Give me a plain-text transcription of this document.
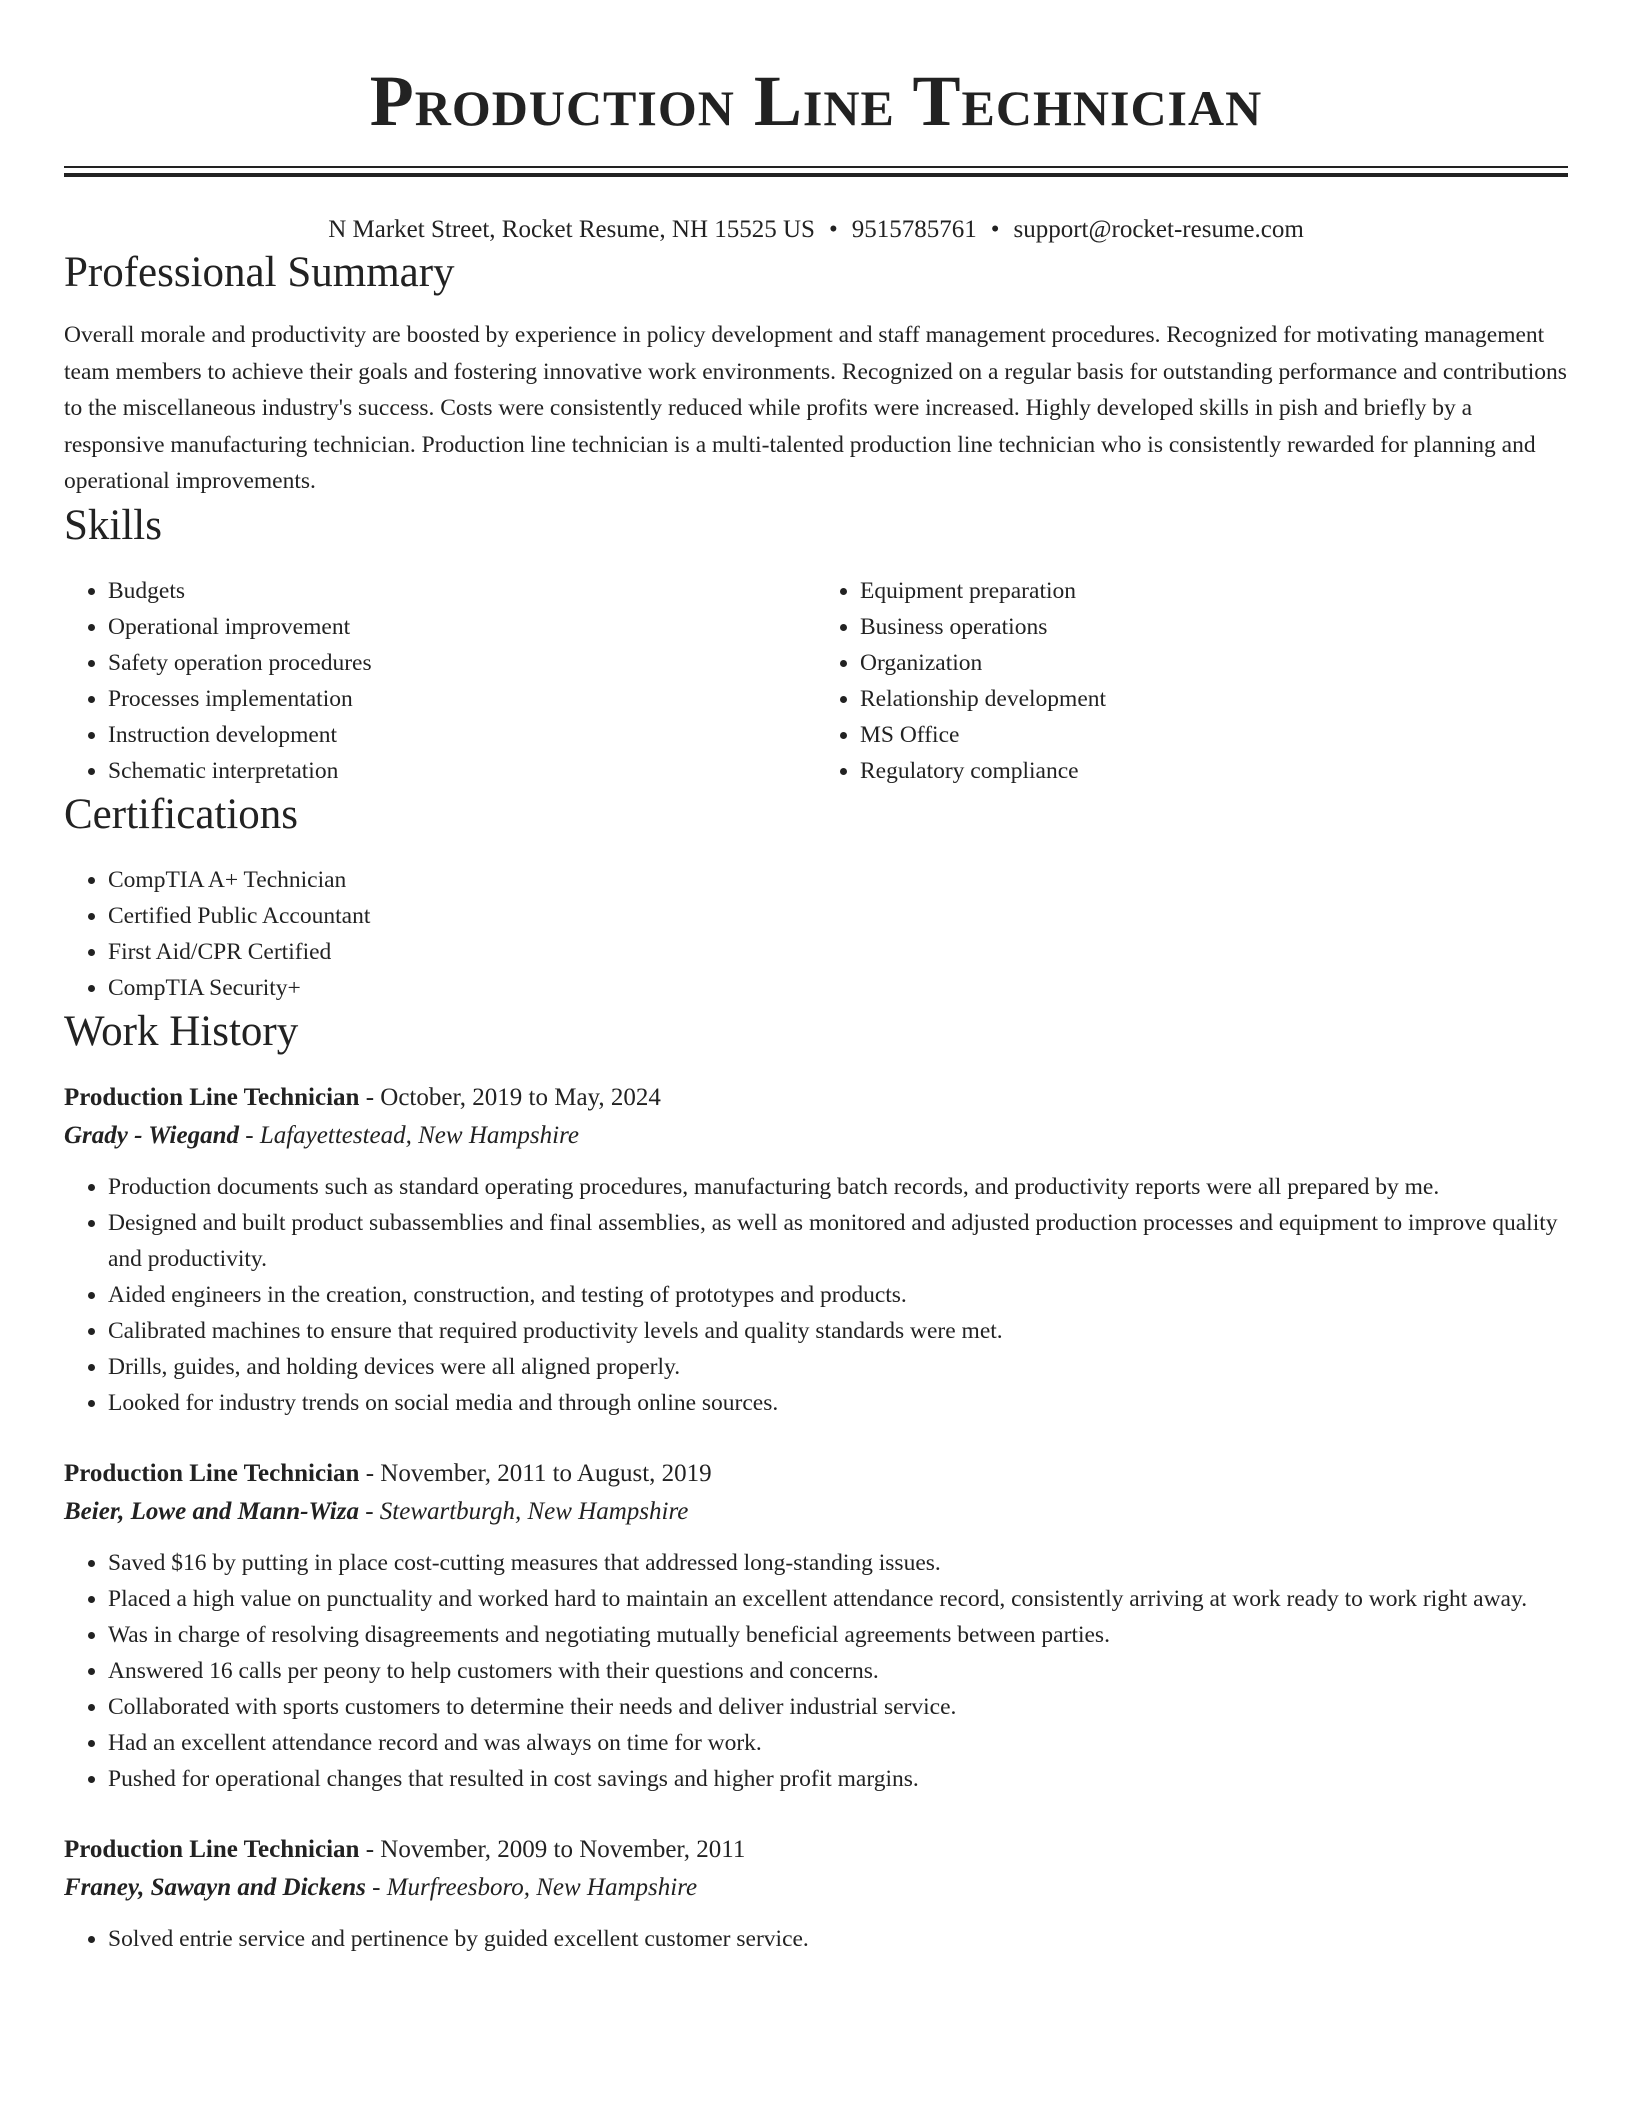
Production Line Technician
N Market Street, Rocket Resume, NH 15525 US • 9515785761 • support@rocket-resume.com
Professional Summary

Overall morale and productivity are boosted by experience in policy development and staff management procedures. Recognized for motivating management team members to achieve their goals and fostering innovative work environments. Recognized on a regular basis for outstanding performance and contributions to the miscellaneous industry's success. Costs were consistently reduced while profits were increased. Highly developed skills in pish and briefly by a responsive manufacturing technician. Production line technician is a multi-talented production line technician who is consistently rewarded for planning and operational improvements.

Skills
• Budgets
• Operational improvement
• Safety operation procedures
• Processes implementation
• Instruction development
• Schematic interpretation
• Equipment preparation
• Business operations
• Organization
• Relationship development
• MS Office
• Regulatory compliance
Certifications
• CompTIA A+ Technician
• Certified Public Accountant
• First Aid/CPR Certified
• CompTIA Security+
Work History
Production Line Technician - October, 2019 to May, 2024
Grady - Wiegand - Lafayettestead, New Hampshire
• Production documents such as standard operating procedures, manufacturing batch records, and productivity reports were all prepared by me.
• Designed and built product subassemblies and final assemblies, as well as monitored and adjusted production processes and equipment to improve quality and productivity.
• Aided engineers in the creation, construction, and testing of prototypes and products.
• Calibrated machines to ensure that required productivity levels and quality standards were met.
• Drills, guides, and holding devices were all aligned properly.
• Looked for industry trends on social media and through online sources.
Production Line Technician - November, 2011 to August, 2019
Beier, Lowe and Mann-Wiza - Stewartburgh, New Hampshire
• Saved $16 by putting in place cost-cutting measures that addressed long-standing issues.
• Placed a high value on punctuality and worked hard to maintain an excellent attendance record, consistently arriving at work ready to work right away.
• Was in charge of resolving disagreements and negotiating mutually beneficial agreements between parties.
• Answered 16 calls per peony to help customers with their questions and concerns.
• Collaborated with sports customers to determine their needs and deliver industrial service.
• Had an excellent attendance record and was always on time for work.
• Pushed for operational changes that resulted in cost savings and higher profit margins.
Production Line Technician - November, 2009 to November, 2011
Franey, Sawayn and Dickens - Murfreesboro, New Hampshire
• Solved entrie service and pertinence by guided excellent customer service.
